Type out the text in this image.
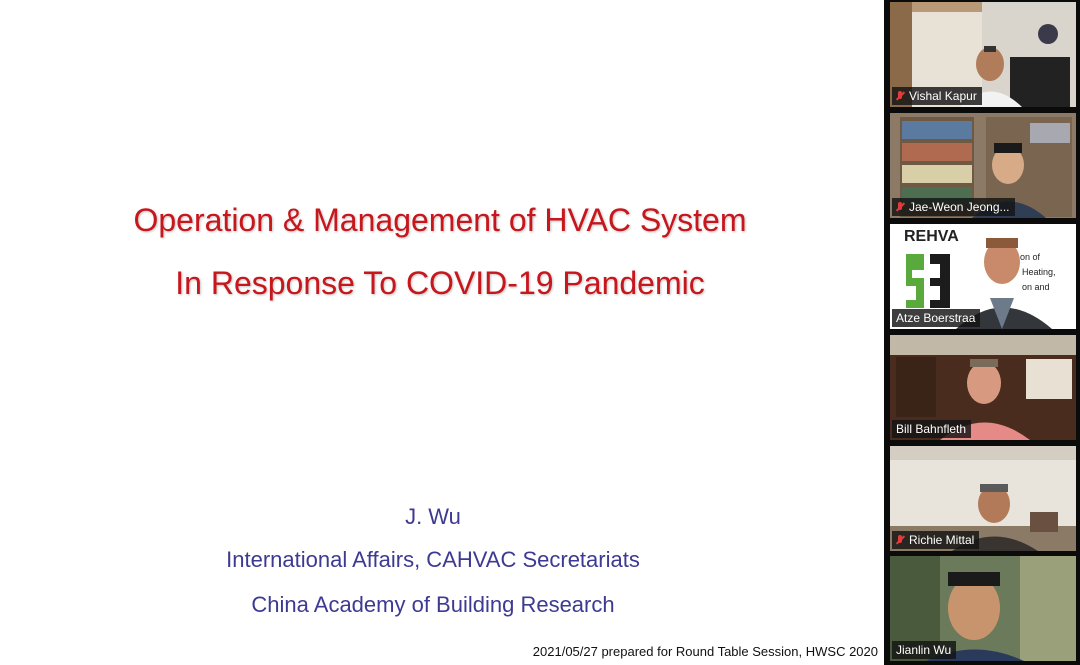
Operation & Management of HVAC System
In Response To COVID-19 Pandemic
J. Wu
International Affairs, CAHVAC Secretariats
China Academy of Building Research
2021/05/27 prepared for Round Table Session, HWSC 2020
Vishal Kapur
Jae-Weon Jeong...
REHVA
on of
Heating,
on and
Atze Boerstraa
Bill Bahnfleth
Richie Mittal
Jianlin Wu
